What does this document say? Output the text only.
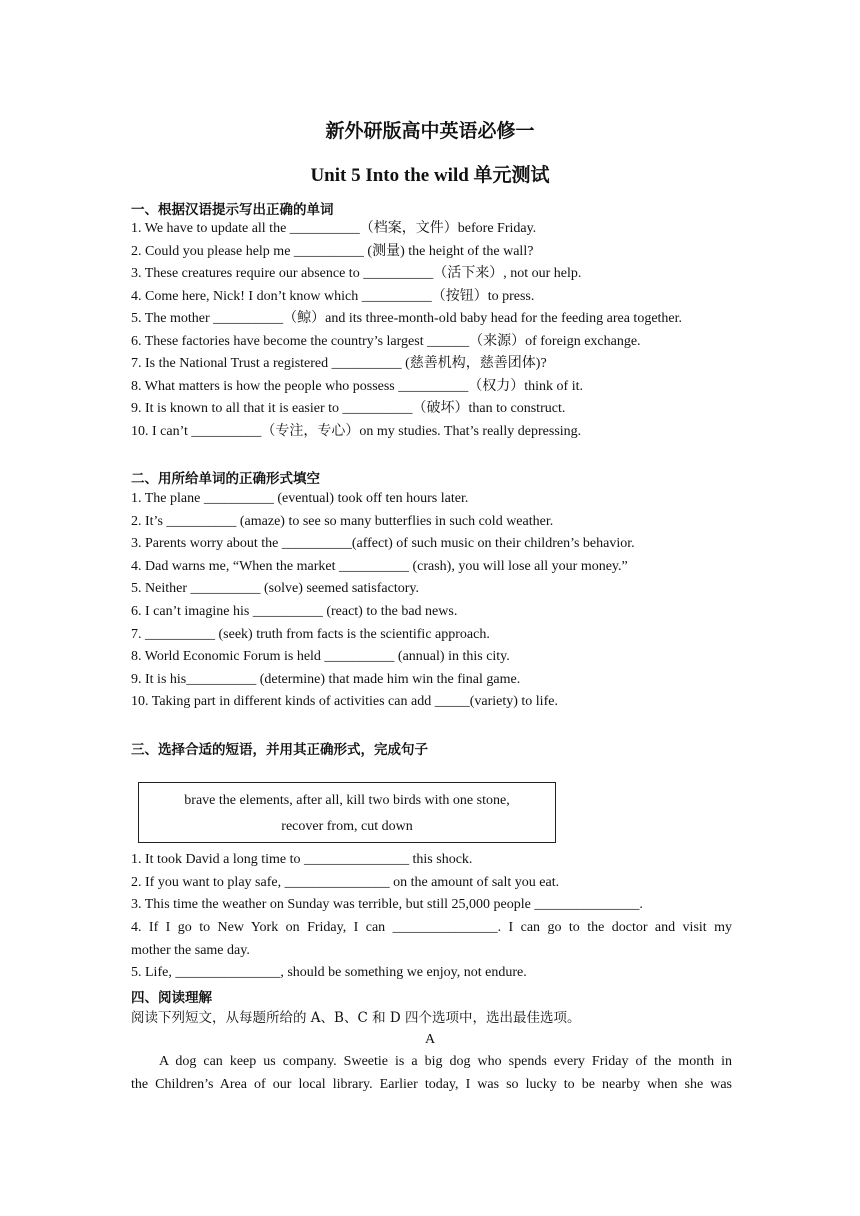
新外研版高中英语必修一
Unit 5 Into the wild 单元测试
一、根据汉语提示写出正确的单词
1. We have to update all the __________（档案，文件）before Friday.
2. Could you please help me __________ (测量) the height of the wall?
3. These creatures require our absence to __________（活下来）, not our help.
4. Come here, Nick! I don’t know which __________（按钮）to press.
5. The mother __________（鲸）and its three-month-old baby head for the feeding area together.
6. These factories have become the country’s largest ______（来源）of foreign exchange.
7. Is the National Trust a registered __________ (慈善机构，慈善团体)?
8. What matters is how the people who possess __________（权力）think of it.
9. It is known to all that it is easier to __________（破坏）than to construct.
10. I can’t __________（专注，专心）on my studies. That’s really depressing.
二、用所给单词的正确形式填空
1. The plane __________ (eventual) took off ten hours later.
2. It’s __________ (amaze) to see so many butterflies in such cold weather.
3. Parents worry about the __________(affect) of such music on their children’s behavior.
4. Dad warns me, “When the market __________ (crash), you will lose all your money.”
5. Neither __________ (solve) seemed satisfactory.
6. I can’t imagine his __________ (react) to the bad news.
7. __________ (seek) truth from facts is the scientific approach.
8. World Economic Forum is held __________ (annual) in this city.
9. It is his__________ (determine) that made him win the final game.
10. Taking part in different kinds of activities can add _____(variety) to life.
三、选择合适的短语，并用其正确形式，完成句子
brave the elements, after all, kill two birds with one stone,
recover from, cut down
1. It took David a long time to _______________ this shock.
2. If you want to play safe, _______________ on the amount of salt you eat.
3. This time the weather on Sunday was terrible, but still 25,000 people _______________.
4. If I go to New York on Friday, I can _______________. I can go to the doctor and visit my
mother the same day.
5. Life, _______________, should be something we enjoy, not endure.
四、阅读理解
阅读下列短文，从每题所给的 A、B、C 和 D 四个选项中，选出最佳选项。
A
A dog can keep us company. Sweetie is a big dog who spends every Friday of the month in
the Children’s Area of our local library. Earlier today, I was so lucky to be nearby when she was
